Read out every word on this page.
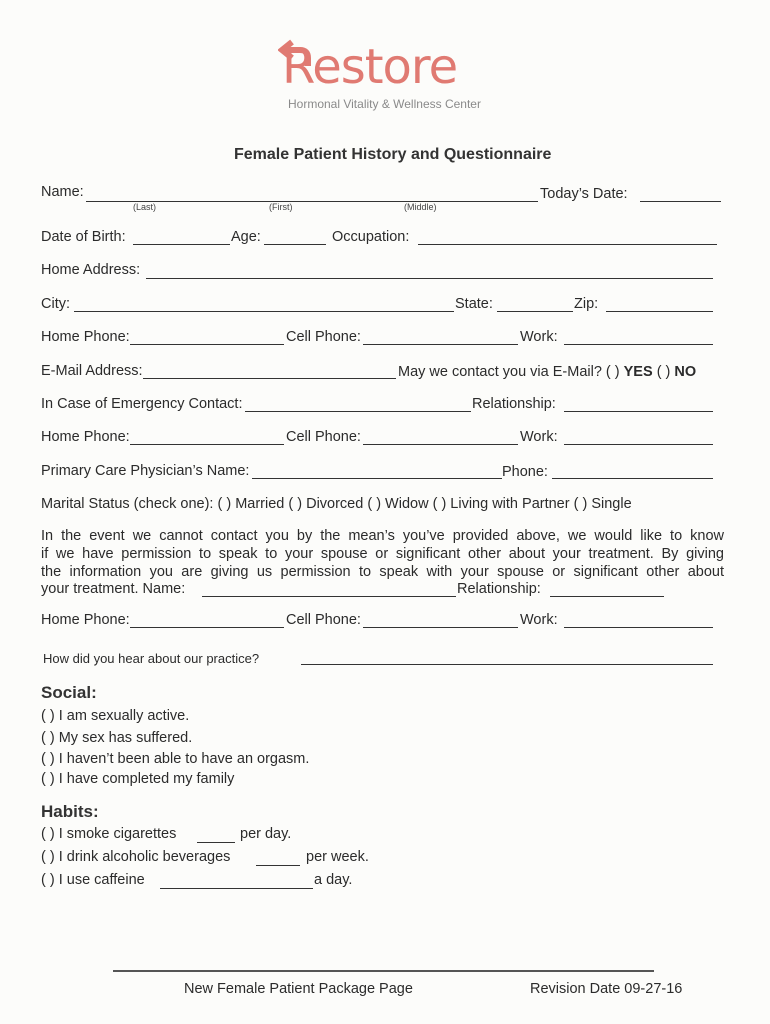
Restore
Hormonal Vitality & Wellness Center
Female Patient History and Questionnaire
Name:
(Last)	(First)	(Middle)
Today’s Date:
Date of Birth:	Age:	Occupation:
Home Address:
City:	State:	Zip:
Home Phone:	Cell Phone:	Work:
E-Mail Address:	May we contact you via E-Mail? ( ) YES ( ) NO
In Case of Emergency Contact:	Relationship:
Home Phone:	Cell Phone:	Work:
Primary Care Physician’s Name:	Phone:
Marital Status (check one): ( ) Married ( ) Divorced ( ) Widow ( ) Living with Partner ( ) Single
In the event we cannot contact you by the mean’s you’ve provided above, we would like to know
if we have permission to speak to your spouse or significant other about your treatment. By giving
the information you are giving us permission to speak with your spouse or significant other about
your treatment. Name:	Relationship:
Home Phone:	Cell Phone:	Work:
How did you hear about our practice?
Social:
( ) I am sexually active.
( ) My sex has suffered.
( ) I haven’t been able to have an orgasm.
( ) I have completed my family
Habits:
( ) I smoke cigarettes	per day.
( ) I drink alcoholic beverages	per week.
( ) I use caffeine	a day.
New Female Patient Package Page	Revision Date 09-27-16
